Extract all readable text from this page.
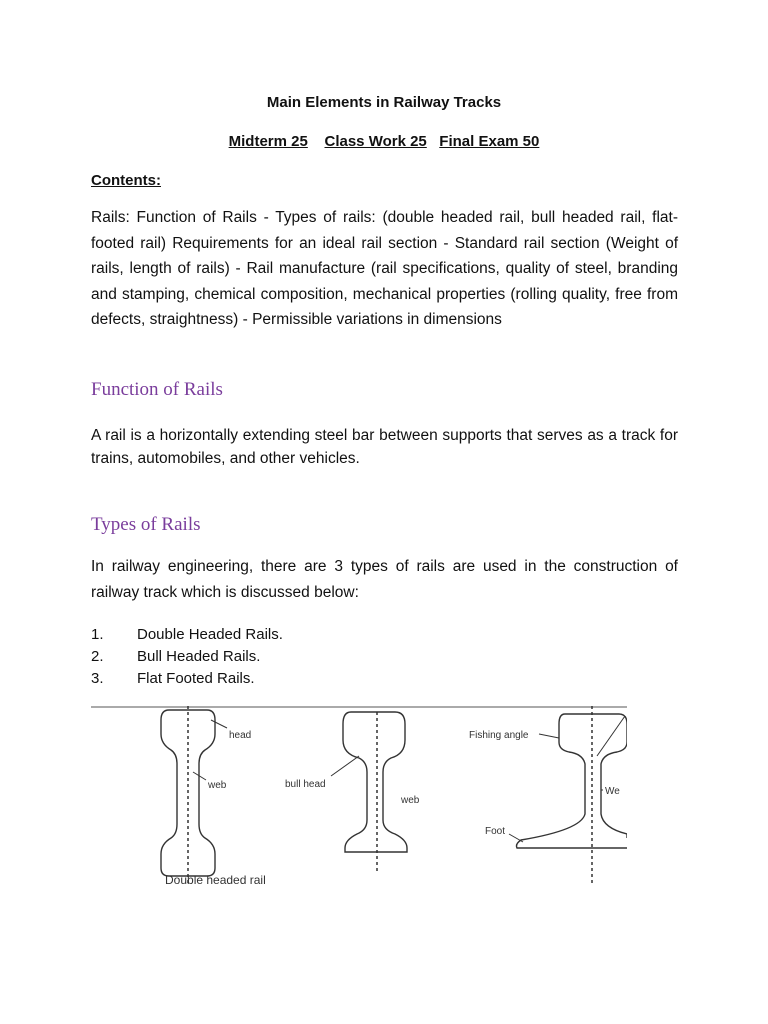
Main Elements in Railway Tracks
Midterm 25 Class Work 25 Final Exam 50
Contents:
Rails: Function of Rails - Types of rails: (double headed rail, bull headed rail, flat-footed rail) Requirements for an ideal rail section - Standard rail section (Weight of rails, length of rails) - Rail manufacture (rail specifications, quality of steel, branding and stamping, chemical composition, mechanical properties (rolling quality, free from defects, straightness) - Permissible variations in dimensions
Function of Rails
A rail is a horizontally extending steel bar between supports that serves as a track for trains, automobiles, and other vehicles.
Types of Rails
In railway engineering, there are 3 types of rails are used in the construction of railway track which is discussed below:
1. Double Headed Rails.
2. Bull Headed Rails.
3. Flat Footed Rails.
head
web	bull head
web
Fishing angle
We
Foot
Double headed rail
